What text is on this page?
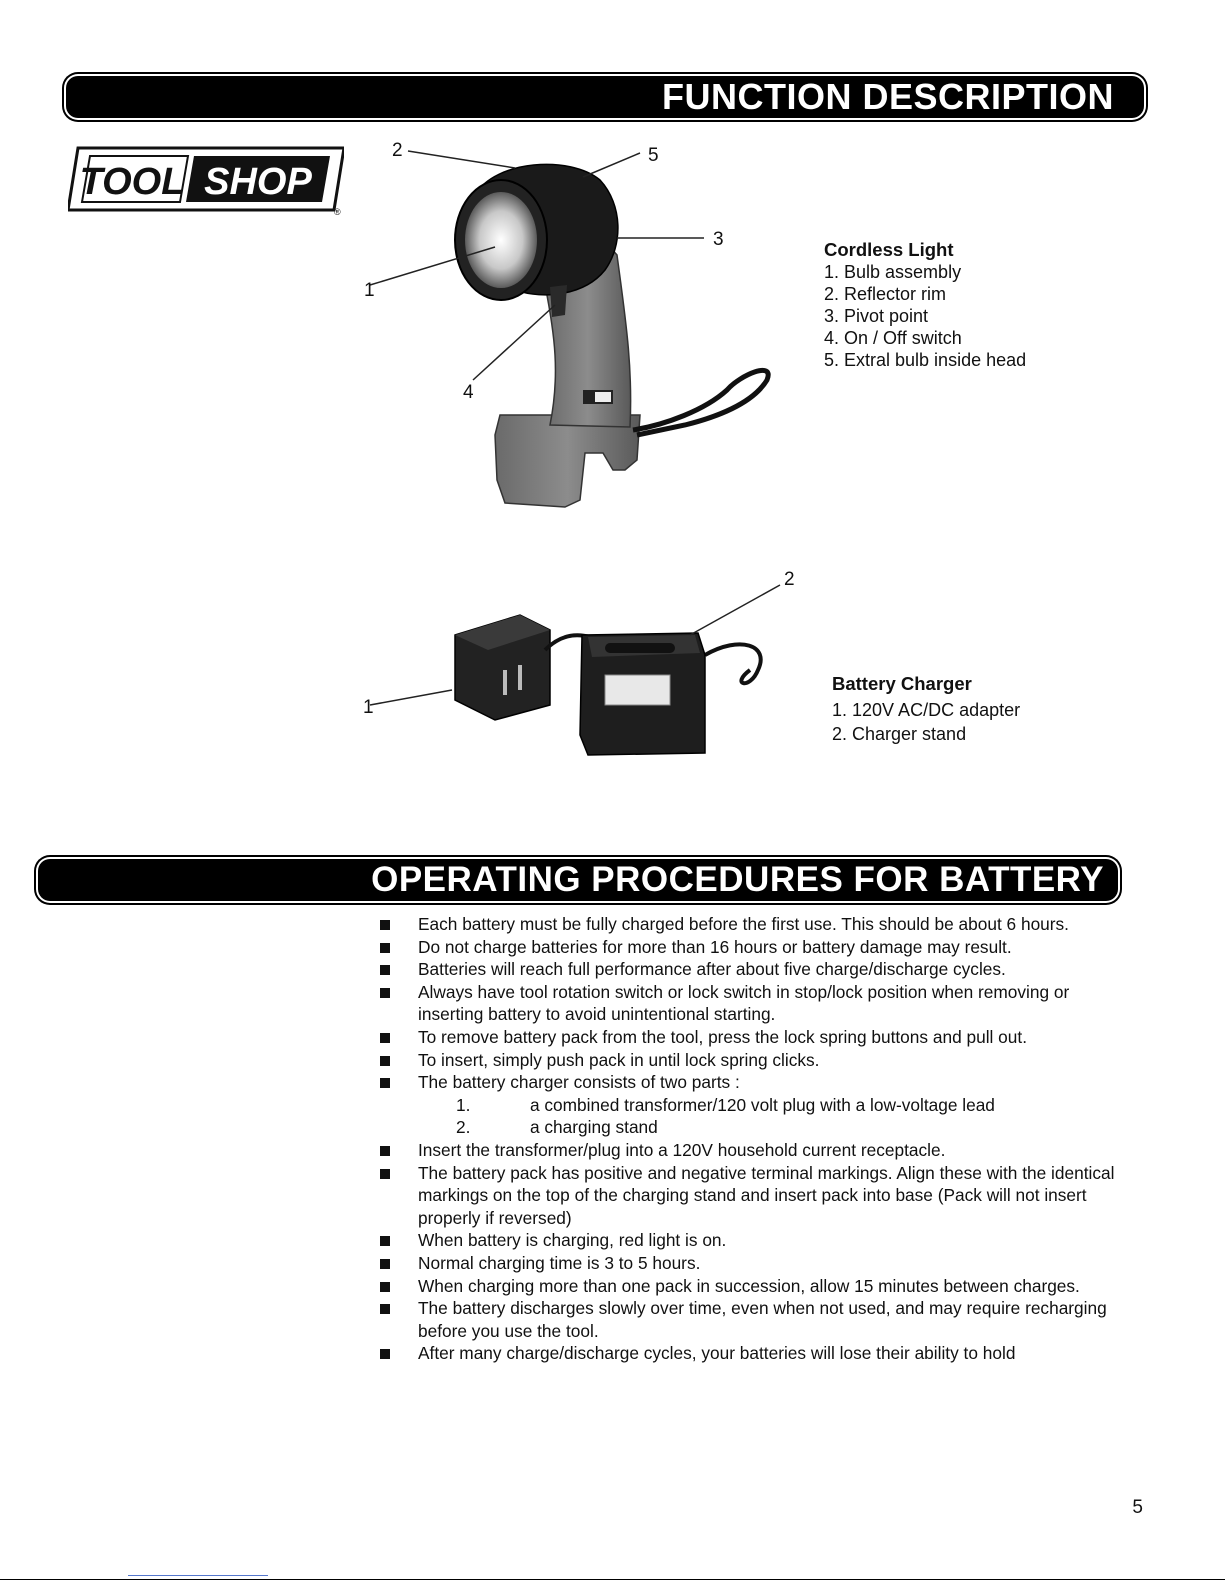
FUNCTION DESCRIPTION
TOOL SHOP
®
2	5
3
1
4
Cordless Light
1. Bulb assembly
2. Reflector rim
3. Pivot point
4. On / Off switch
5. Extral bulb inside head
2
1
Battery Charger
1. 120V AC/DC adapter
2. Charger stand
OPERATING PROCEDURES FOR BATTERY
Each battery must be fully charged before the first use. This should be about 6 hours.
Do not charge batteries for more than 16 hours or battery damage may result.
Batteries will reach full performance after about five charge/discharge cycles.
Always have tool rotation switch or lock switch in stop/lock position when removing or inserting battery to avoid unintentional starting.
To remove battery pack from the tool, press the lock spring buttons and pull out.
To insert, simply push pack in until lock spring clicks.
The battery charger consists of two parts :
1.	a combined transformer/120 volt plug with a low-voltage lead
2.	a charging stand
Insert the transformer/plug into a 120V household current receptacle.
The battery pack has positive and negative terminal markings. Align these with the identical markings on the top of the charging stand and insert pack into base (Pack will not insert properly if reversed)
When battery is charging, red light is on.
Normal charging time is 3 to 5 hours.
When charging more than one pack in succession, allow 15 minutes between charges.
The battery discharges slowly over time, even when not used, and may require recharging before you use the tool.
After many charge/discharge cycles, your batteries will lose their ability to hold
5
